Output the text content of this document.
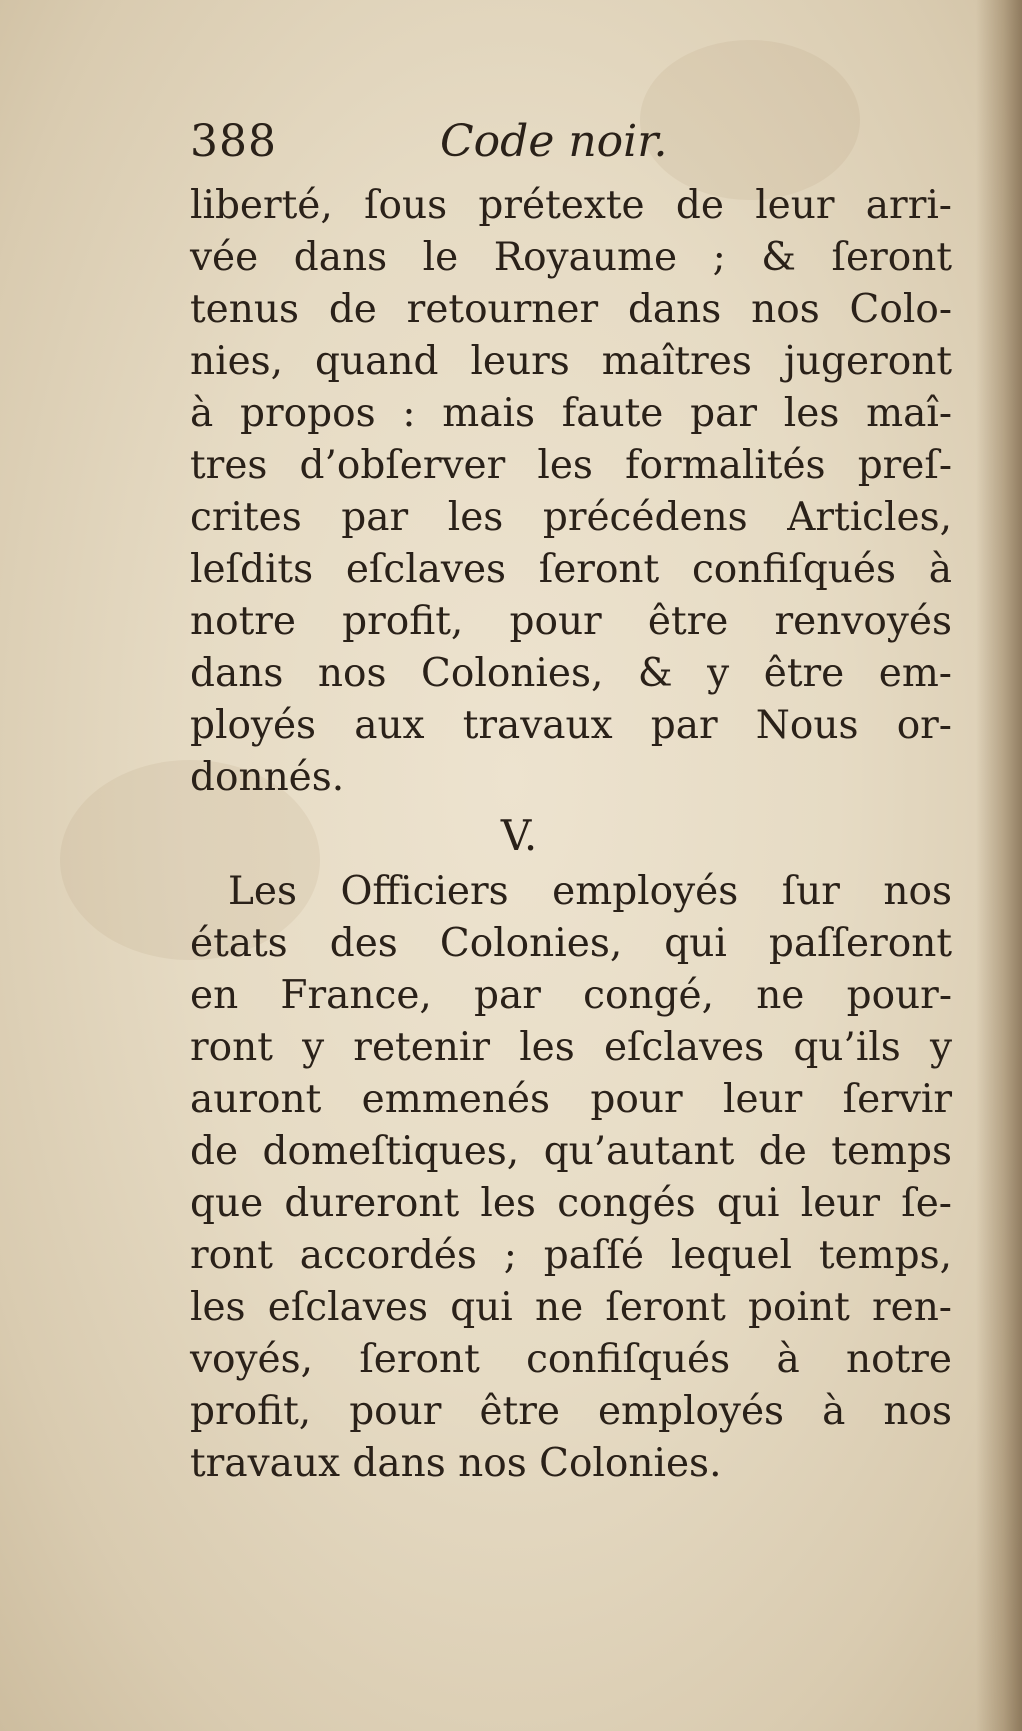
388	Code noir.
liberté, ſous prétexte de leur arri-
vée dans le Royaume ; & ſeront
tenus de retourner dans nos Colo-
nies, quand leurs maîtres jugeront
à propos : mais faute par les maî-
tres d’obſerver les formalités preſ-
crites par les précédens Articles,
leſdits eſclaves ſeront confiſqués à
notre profit, pour être renvoyés
dans nos Colonies, & y être em-
ployés aux travaux par Nous or-
donnés.
V.
Les Officiers employés ſur nos
états des Colonies, qui paſſeront
en France, par congé, ne pour-
ront y retenir les eſclaves qu’ils y
auront emmenés pour leur ſervir
de domeſtiques, qu’autant de temps
que dureront les congés qui leur ſe-
ront accordés ; paſſé lequel temps,
les eſclaves qui ne ſeront point ren-
voyés, ſeront confiſqués à notre
profit, pour être employés à nos
travaux dans nos Colonies.
